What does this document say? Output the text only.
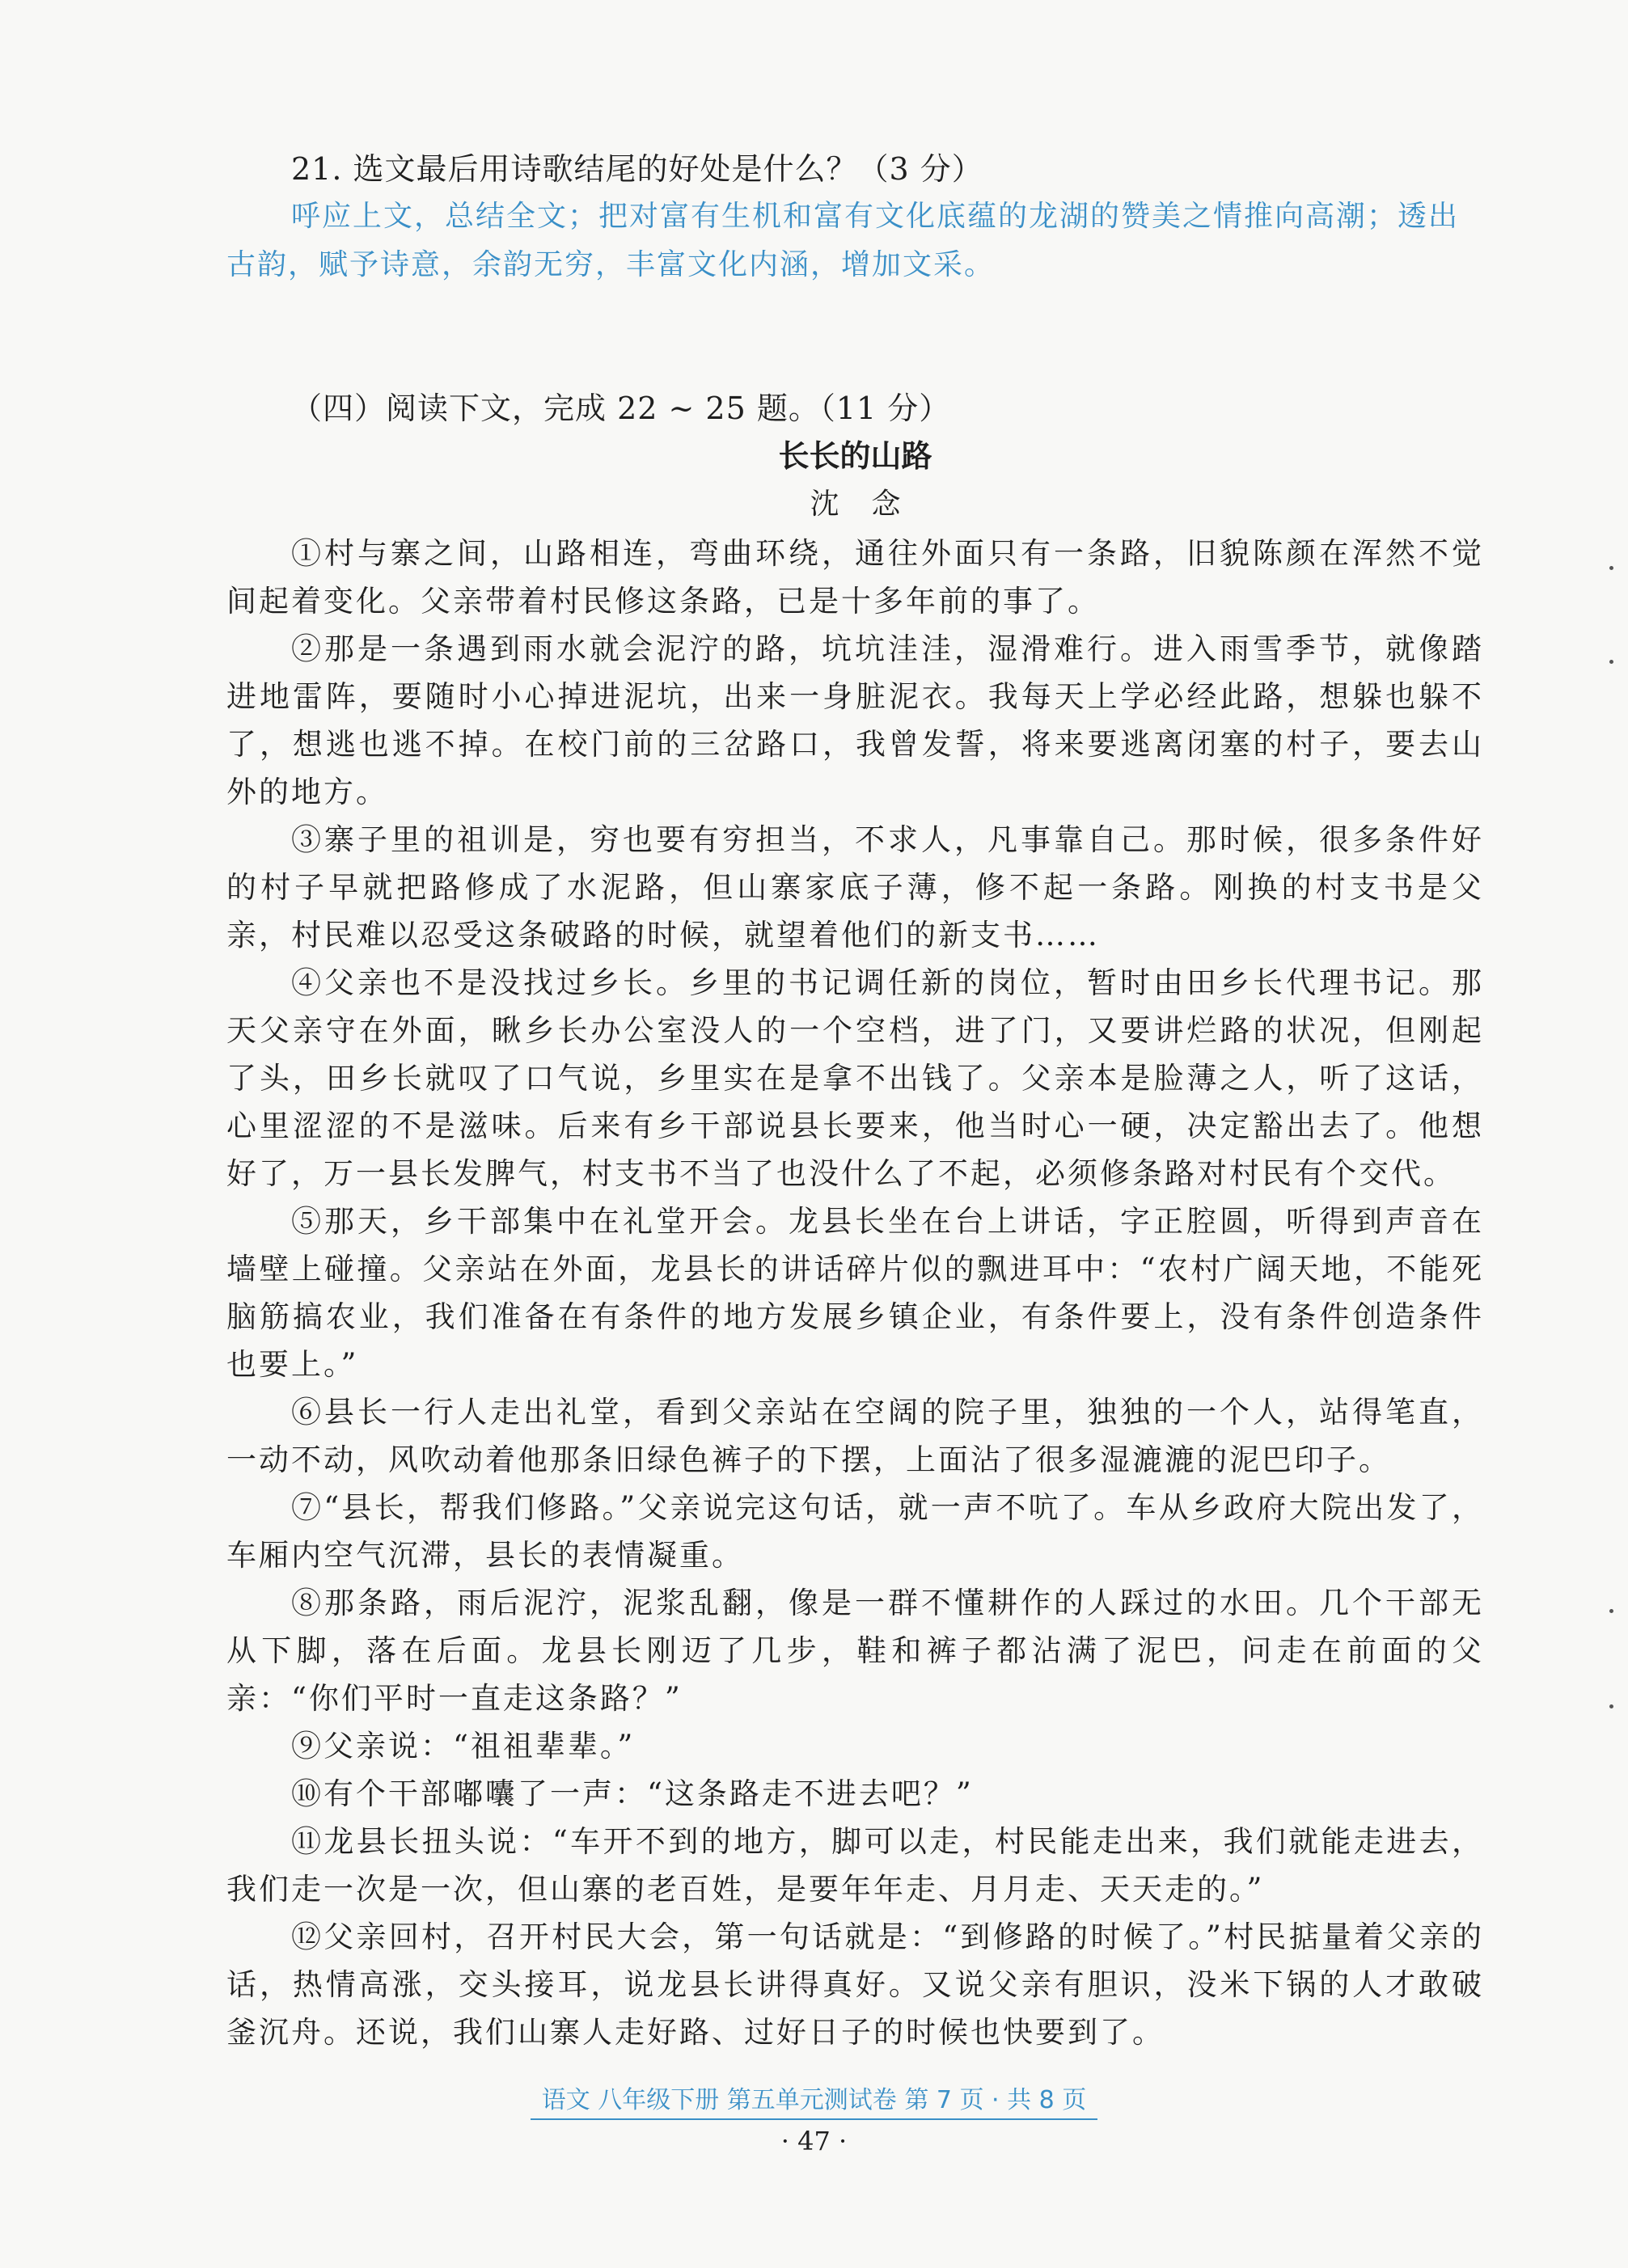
21. 选文最后用诗歌结尾的好处是什么？（3 分）
呼应上文，总结全文；把对富有生机和富有文化底蕴的龙湖的赞美之情推向高潮；透出古韵，赋予诗意，余韵无穷，丰富文化内涵，增加文采。
（四）阅读下文，完成 22 ~ 25 题。（11 分）
长长的山路
沈念

①村与寨之间，山路相连，弯曲环绕，通往外面只有一条路，旧貌陈颜在浑然不觉间起着变化。父亲带着村民修这条路，已是十多年前的事了。

②那是一条遇到雨水就会泥泞的路，坑坑洼洼，湿滑难行。进入雨雪季节，就像踏进地雷阵，要随时小心掉进泥坑，出来一身脏泥衣。我每天上学必经此路，想躲也躲不了，想逃也逃不掉。在校门前的三岔路口，我曾发誓，将来要逃离闭塞的村子，要去山外的地方。

③寨子里的祖训是，穷也要有穷担当，不求人，凡事靠自己。那时候，很多条件好的村子早就把路修成了水泥路，但山寨家底子薄，修不起一条路。刚换的村支书是父亲，村民难以忍受这条破路的时候，就望着他们的新支书……

④父亲也不是没找过乡长。乡里的书记调任新的岗位，暂时由田乡长代理书记。那天父亲守在外面，瞅乡长办公室没人的一个空档，进了门，又要讲烂路的状况，但刚起了头，田乡长就叹了口气说，乡里实在是拿不出钱了。父亲本是脸薄之人，听了这话，心里涩涩的不是滋味。后来有乡干部说县长要来，他当时心一硬，决定豁出去了。他想好了，万一县长发脾气，村支书不当了也没什么了不起，必须修条路对村民有个交代。

⑤那天，乡干部集中在礼堂开会。龙县长坐在台上讲话，字正腔圆，听得到声音在墙壁上碰撞。父亲站在外面，龙县长的讲话碎片似的飘进耳中：“农村广阔天地，不能死脑筋搞农业，我们准备在有条件的地方发展乡镇企业，有条件要上，没有条件创造条件也要上。”

⑥县长一行人走出礼堂，看到父亲站在空阔的院子里，独独的一个人，站得笔直，一动不动，风吹动着他那条旧绿色裤子的下摆，上面沾了很多湿漉漉的泥巴印子。

⑦“县长，帮我们修路。”父亲说完这句话，就一声不吭了。车从乡政府大院出发了，车厢内空气沉滞，县长的表情凝重。

⑧那条路，雨后泥泞，泥浆乱翻，像是一群不懂耕作的人踩过的水田。几个干部无从下脚，落在后面。龙县长刚迈了几步，鞋和裤子都沾满了泥巴，问走在前面的父亲：“你们平时一直走这条路？”

⑨父亲说：“祖祖辈辈。”

⑩有个干部嘟囔了一声：“这条路走不进去吧？”

⑪龙县长扭头说：“车开不到的地方，脚可以走，村民能走出来，我们就能走进去，我们走一次是一次，但山寨的老百姓，是要年年走、月月走、天天走的。”

⑫父亲回村，召开村民大会，第一句话就是：“到修路的时候了。”村民掂量着父亲的话，热情高涨，交头接耳，说龙县长讲得真好。又说父亲有胆识，没米下锅的人才敢破釜沉舟。还说，我们山寨人走好路、过好日子的时候也快要到了。

语文 八年级下册 第五单元测试卷 第 7 页 · 共 8 页
· 47 ·
